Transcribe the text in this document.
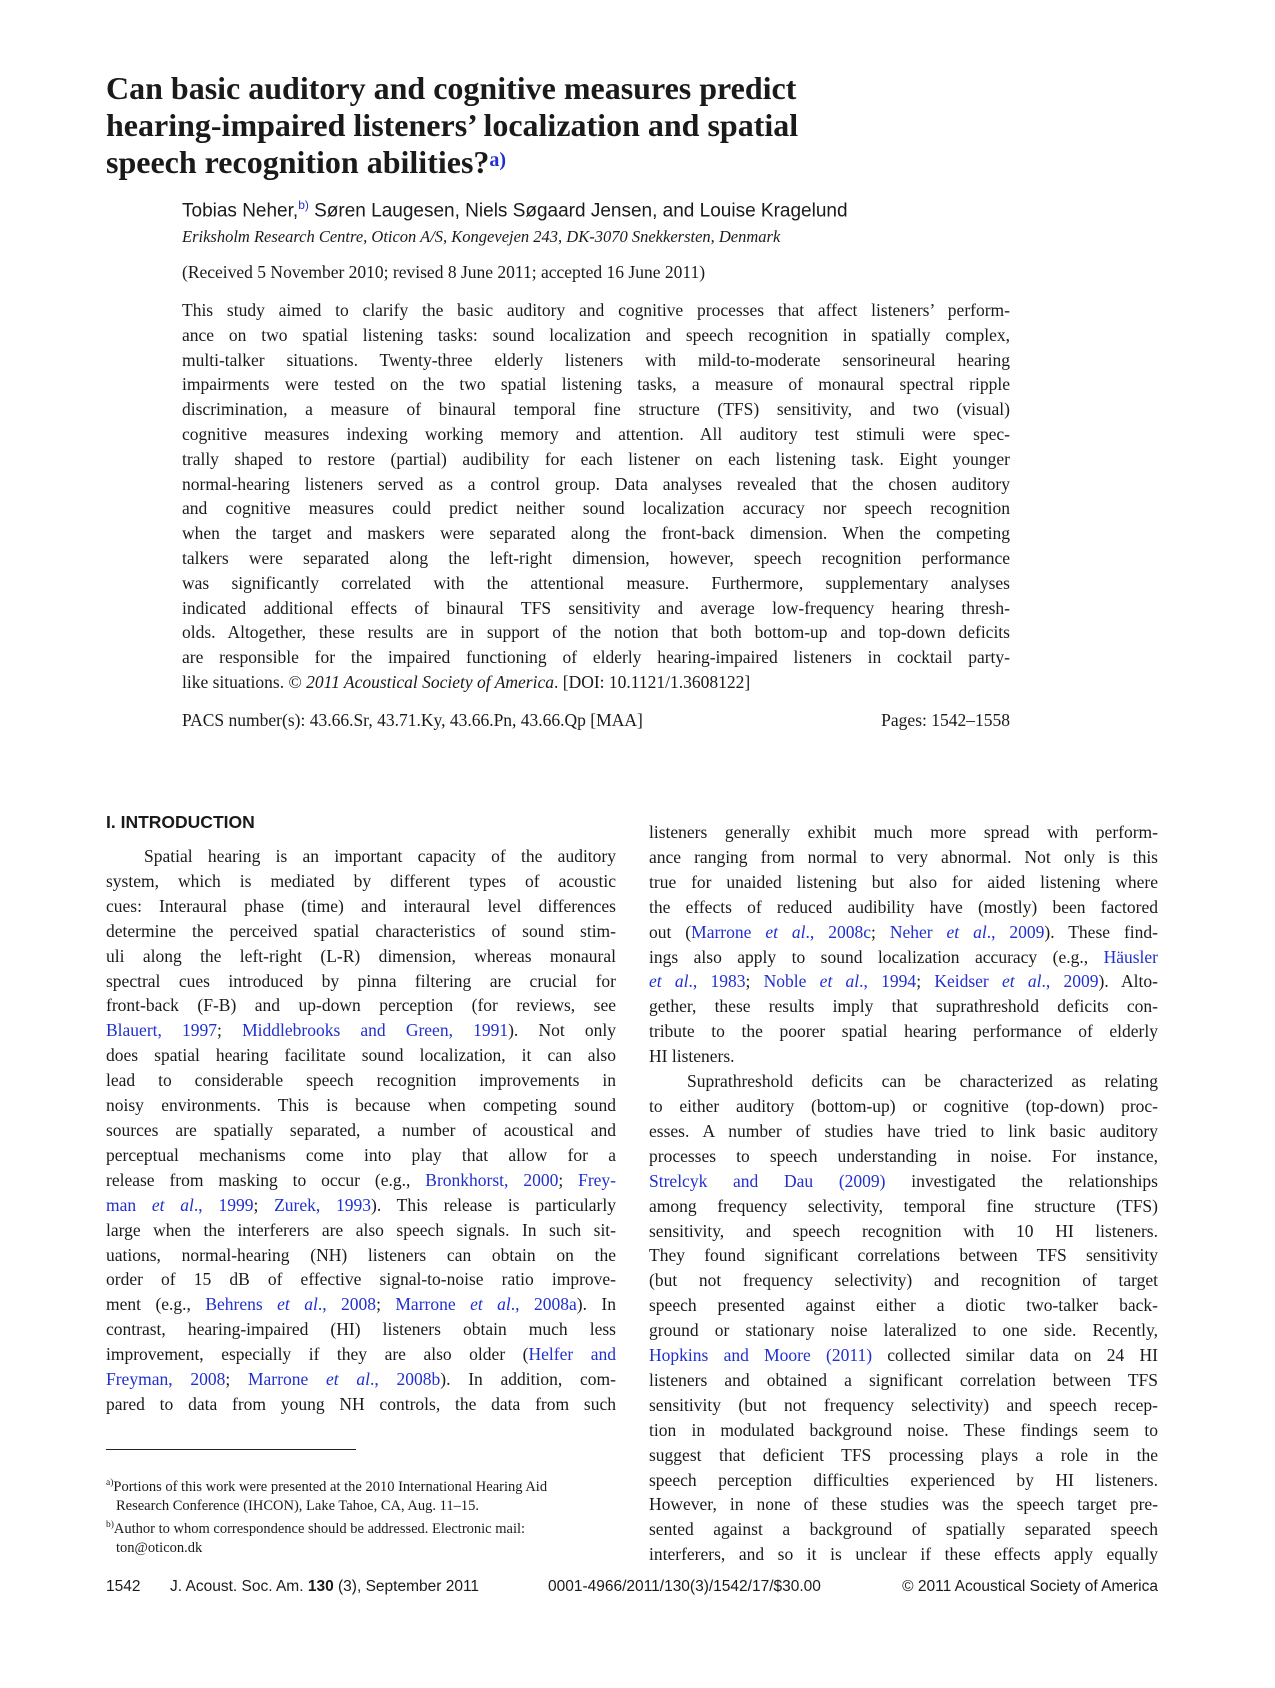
Can basic auditory and cognitive measures predict
hearing-impaired listeners’ localization and spatial
speech recognition abilities?$^{a)}$
Tobias Neher,$^{b)}$ Søren Laugesen, Niels Søgaard Jensen, and Louise Kragelund
Eriksholm Research Centre, Oticon A/S, Kongevejen 243, DK-3070 Snekkersten, Denmark
(Received 5 November 2010; revised 8 June 2011; accepted 16 June 2011)
This study aimed to clarify the basic auditory and cognitive processes that affect listeners’ perform-
ance on two spatial listening tasks: sound localization and speech recognition in spatially complex,
multi-talker situations. Twenty-three elderly listeners with mild-to-moderate sensorineural hearing
impairments were tested on the two spatial listening tasks, a measure of monaural spectral ripple
discrimination, a measure of binaural temporal fine structure (TFS) sensitivity, and two (visual)
cognitive measures indexing working memory and attention. All auditory test stimuli were spec-
trally shaped to restore (partial) audibility for each listener on each listening task. Eight younger
normal-hearing listeners served as a control group. Data analyses revealed that the chosen auditory
and cognitive measures could predict neither sound localization accuracy nor speech recognition
when the target and maskers were separated along the front-back dimension. When the competing
talkers were separated along the left-right dimension, however, speech recognition performance
was significantly correlated with the attentional measure. Furthermore, supplementary analyses
indicated additional effects of binaural TFS sensitivity and average low-frequency hearing thresh-
olds. Altogether, these results are in support of the notion that both bottom-up and top-down deficits
are responsible for the impaired functioning of elderly hearing-impaired listeners in cocktail party-
like situations. © 2011 Acoustical Society of America. [DOI: 10.1121/1.3608122]
PACS number(s): 43.66.Sr, 43.71.Ky, 43.66.Pn, 43.66.Qp [MAA]	Pages: 1542–1558
I. INTRODUCTION
Spatial hearing is an important capacity of the auditory
system, which is mediated by different types of acoustic
cues: Interaural phase (time) and interaural level differences
determine the perceived spatial characteristics of sound stim-
uli along the left-right (L-R) dimension, whereas monaural
spectral cues introduced by pinna filtering are crucial for
front-back (F-B) and up-down perception (for reviews, see
Blauert, 1997; Middlebrooks and Green, 1991). Not only
does spatial hearing facilitate sound localization, it can also
lead to considerable speech recognition improvements in
noisy environments. This is because when competing sound
sources are spatially separated, a number of acoustical and
perceptual mechanisms come into play that allow for a
release from masking to occur (e.g., Bronkhorst, 2000; Frey-
man et al., 1999; Zurek, 1993). This release is particularly
large when the interferers are also speech signals. In such sit-
uations, normal-hearing (NH) listeners can obtain on the
order of 15 dB of effective signal-to-noise ratio improve-
ment (e.g., Behrens et al., 2008; Marrone et al., 2008a). In
contrast, hearing-impaired (HI) listeners obtain much less
improvement, especially if they are also older (Helfer and
Freyman, 2008; Marrone et al., 2008b). In addition, com-
pared to data from young NH controls, the data from such
listeners generally exhibit much more spread with perform-
ance ranging from normal to very abnormal. Not only is this
true for unaided listening but also for aided listening where
the effects of reduced audibility have (mostly) been factored
out (Marrone et al., 2008c; Neher et al., 2009). These find-
ings also apply to sound localization accuracy (e.g., Häusler
et al., 1983; Noble et al., 1994; Keidser et al., 2009). Alto-
gether, these results imply that suprathreshold deficits con-
tribute to the poorer spatial hearing performance of elderly
HI listeners.
Suprathreshold deficits can be characterized as relating
to either auditory (bottom-up) or cognitive (top-down) proc-
esses. A number of studies have tried to link basic auditory
processes to speech understanding in noise. For instance,
Strelcyk and Dau (2009) investigated the relationships
among frequency selectivity, temporal fine structure (TFS)
sensitivity, and speech recognition with 10 HI listeners.
They found significant correlations between TFS sensitivity
(but not frequency selectivity) and recognition of target
speech presented against either a diotic two-talker back-
ground or stationary noise lateralized to one side. Recently,
Hopkins and Moore (2011) collected similar data on 24 HI
listeners and obtained a significant correlation between TFS
sensitivity (but not frequency selectivity) and speech recep-
tion in modulated background noise. These findings seem to
suggest that deficient TFS processing plays a role in the
speech perception difficulties experienced by HI listeners.
However, in none of these studies was the speech target pre-
sented against a background of spatially separated speech
interferers, and so it is unclear if these effects apply equally
$^{a)}$Portions of this work were presented at the 2010 International Hearing Aid
Research Conference (IHCON), Lake Tahoe, CA, Aug. 11–15.
$^{b)}$Author to whom correspondence should be addressed. Electronic mail:
ton@oticon.dk
1542 J. Acoust. Soc. Am. 130 (3), September 2011	0001-4966/2011/130(3)/1542/17/$30.00	© 2011 Acoustical Society of America
